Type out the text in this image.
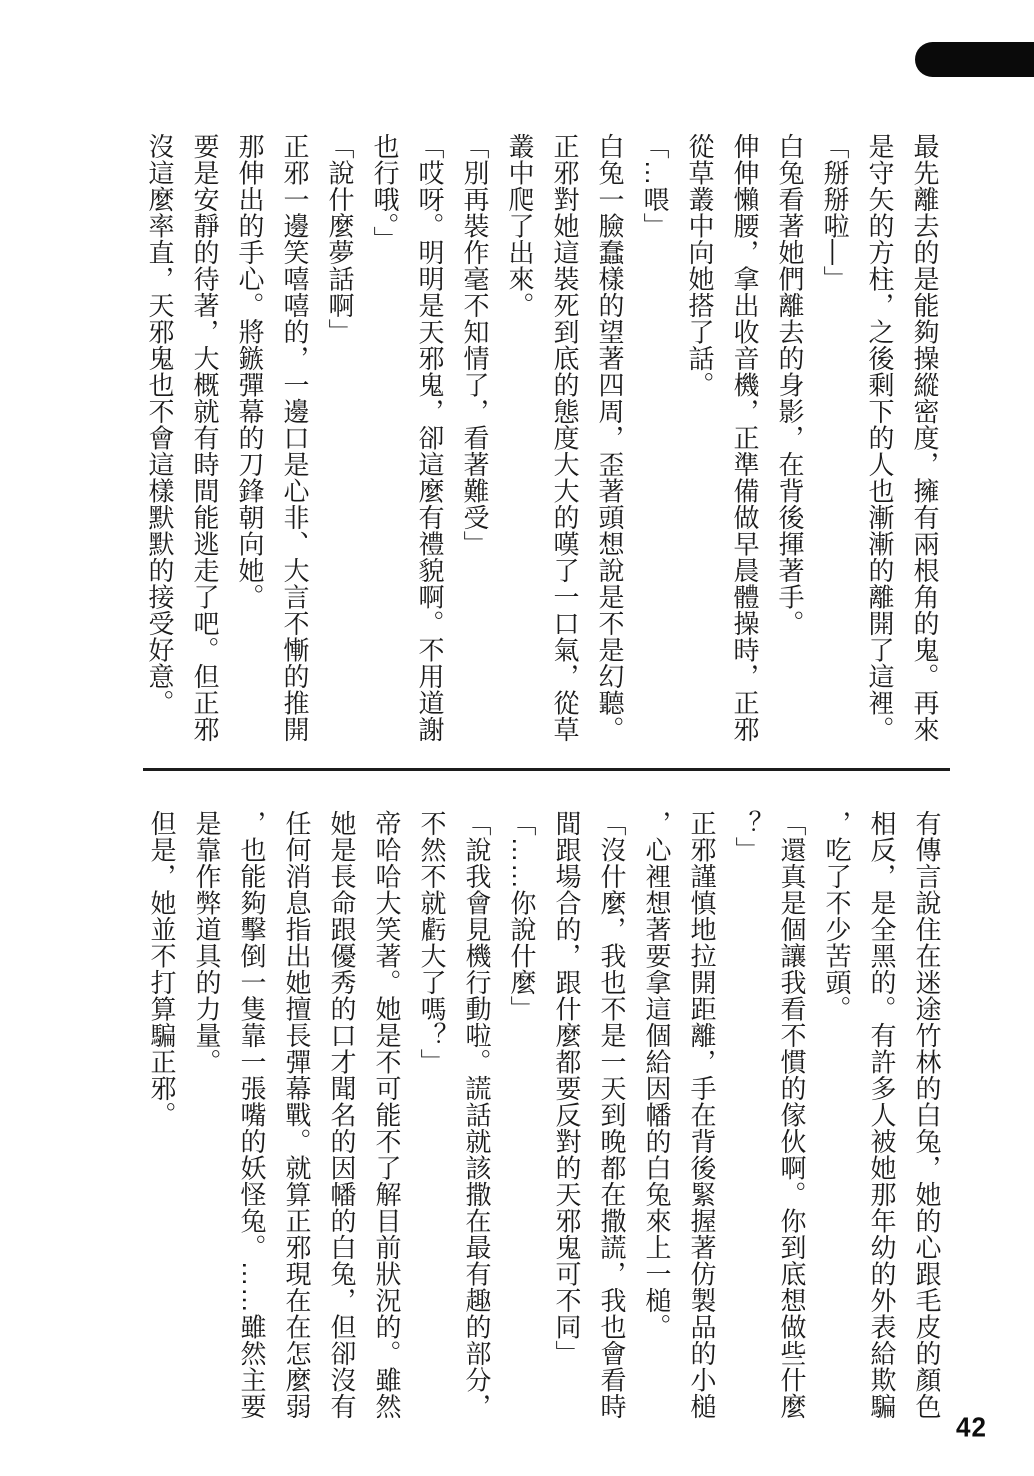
最先離去的是能夠操縱密度，擁有兩根角的鬼。再來
是守矢的方柱，之後剩下的人也漸漸的離開了這裡。
「掰掰啦—」
白兔看著她們離去的身影，在背後揮著手。
伸伸懶腰，拿出收音機，正準備做早晨體操時，正邪
從草叢中向她搭了話。
「…喂」
白兔一臉蠢樣的望著四周，歪著頭想說是不是幻聽。
正邪對她這裝死到底的態度大大的嘆了一口氣，從草
叢中爬了出來。
「別再裝作毫不知情了，看著難受」
「哎呀。明明是天邪鬼，卻這麼有禮貌啊。不用道謝
也行哦。」
「說什麼夢話啊」
正邪一邊笑嘻嘻的，一邊口是心非、大言不慚的推開
那伸出的手心。將鏃彈幕的刀鋒朝向她。
要是安靜的待著，大概就有時間能逃走了吧。但正邪
沒這麼率直，天邪鬼也不會這樣默默的接受好意。
有傳言說住在迷途竹林的白兔，她的心跟毛皮的顏色
相反，是全黑的。有許多人被她那年幼的外表給欺騙
，吃了不少苦頭。
「還真是個讓我看不慣的傢伙啊。你到底想做些什麼
？」
正邪謹慎地拉開距離，手在背後緊握著仿製品的小槌
，心裡想著要拿這個給因幡的白兔來上一槌。
「沒什麼，我也不是一天到晚都在撒謊，我也會看時
間跟場合的，跟什麼都要反對的天邪鬼可不同」
「……你說什麼」
「說我會見機行動啦。謊話就該撒在最有趣的部分，
不然不就虧大了嗎？」
帝哈哈大笑著。她是不可能不了解目前狀況的。雖然
她是長命跟優秀的口才聞名的因幡的白兔，但卻沒有
任何消息指出她擅長彈幕戰。就算正邪現在在怎麼弱
，也能夠擊倒一隻靠一張嘴的妖怪兔。……雖然主要
是靠作弊道具的力量。
但是，她並不打算騙正邪。
42
